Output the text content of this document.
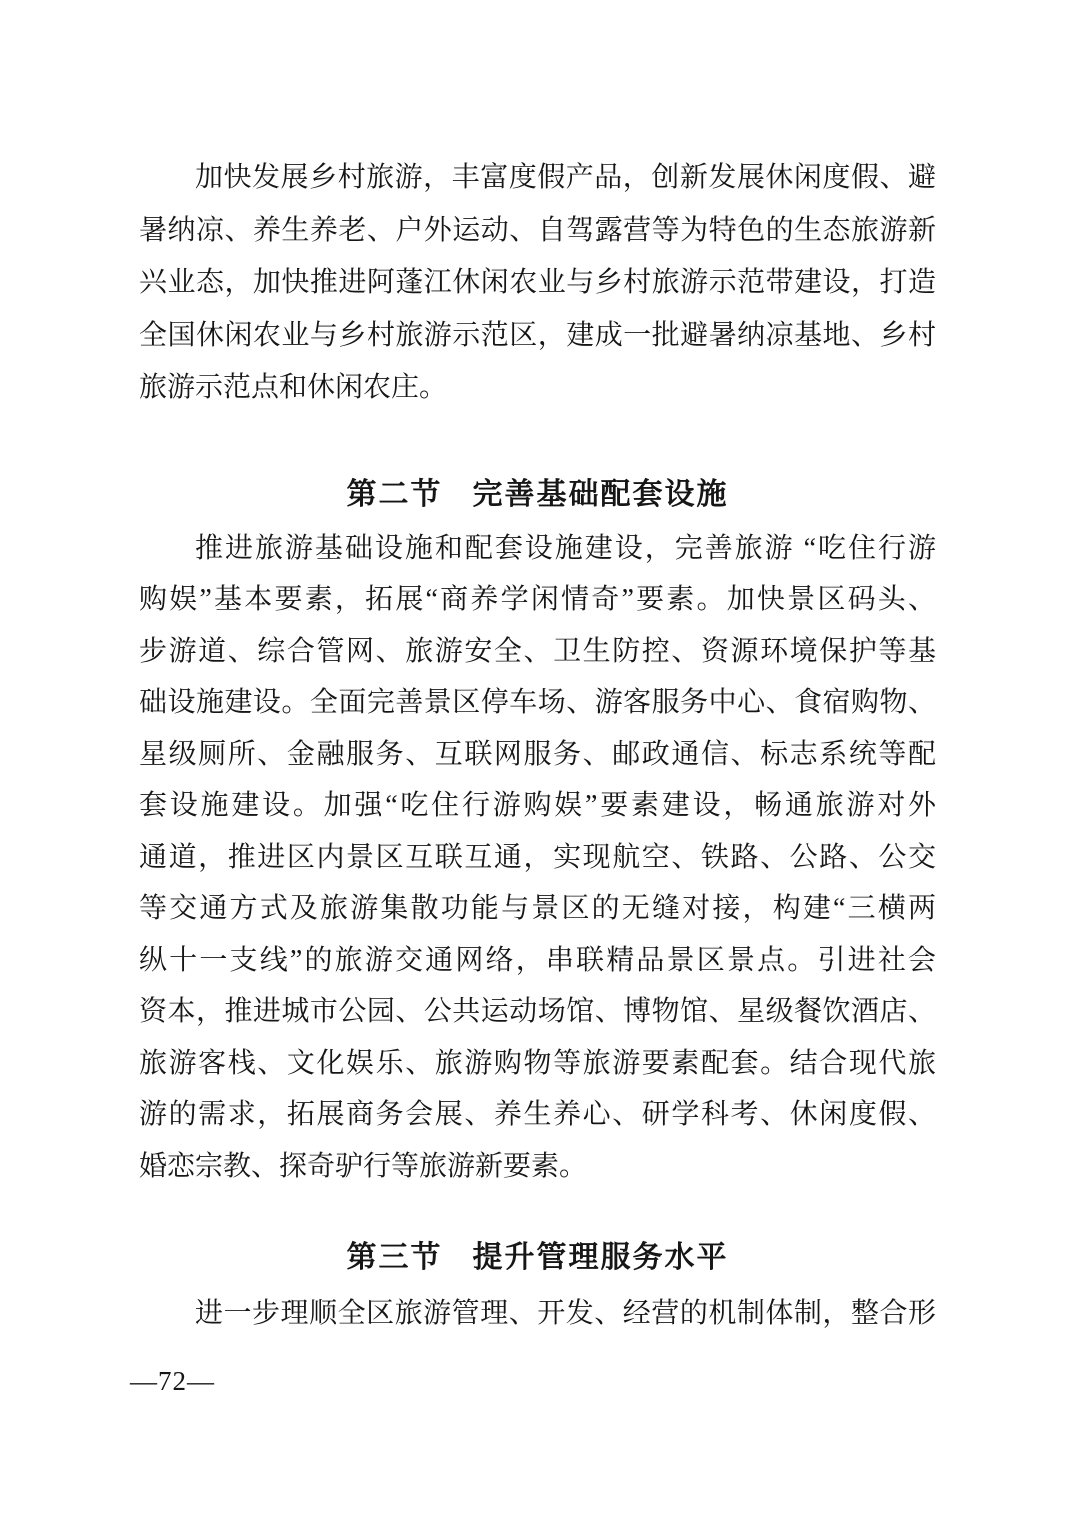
加快发展乡村旅游，丰富度假产品，创新发展休闲度假、避
暑纳凉、养生养老、户外运动、自驾露营等为特色的生态旅游新
兴业态，加快推进阿蓬江休闲农业与乡村旅游示范带建设，打造
全国休闲农业与乡村旅游示范区，建成一批避暑纳凉基地、乡村
旅游示范点和休闲农庄。
第二节 完善基础配套设施
推进旅游基础设施和配套设施建设，完善旅游 “吃住行游
购娱”基本要素，拓展“商养学闲情奇”要素。加快景区码头、
步游道、综合管网、旅游安全、卫生防控、资源环境保护等基
础设施建设。全面完善景区停车场、游客服务中心、食宿购物、
星级厕所、金融服务、互联网服务、邮政通信、标志系统等配
套设施建设。加强“吃住行游购娱”要素建设，畅通旅游对外
通道，推进区内景区互联互通，实现航空、铁路、公路、公交
等交通方式及旅游集散功能与景区的无缝对接，构建“三横两
纵十一支线”的旅游交通网络，串联精品景区景点。引进社会
资本，推进城市公园、公共运动场馆、博物馆、星级餐饮酒店、
旅游客栈、文化娱乐、旅游购物等旅游要素配套。结合现代旅
游的需求，拓展商务会展、养生养心、研学科考、休闲度假、
婚恋宗教、探奇驴行等旅游新要素。
第三节 提升管理服务水平
进一步理顺全区旅游管理、开发、经营的机制体制，整合形
—72—
